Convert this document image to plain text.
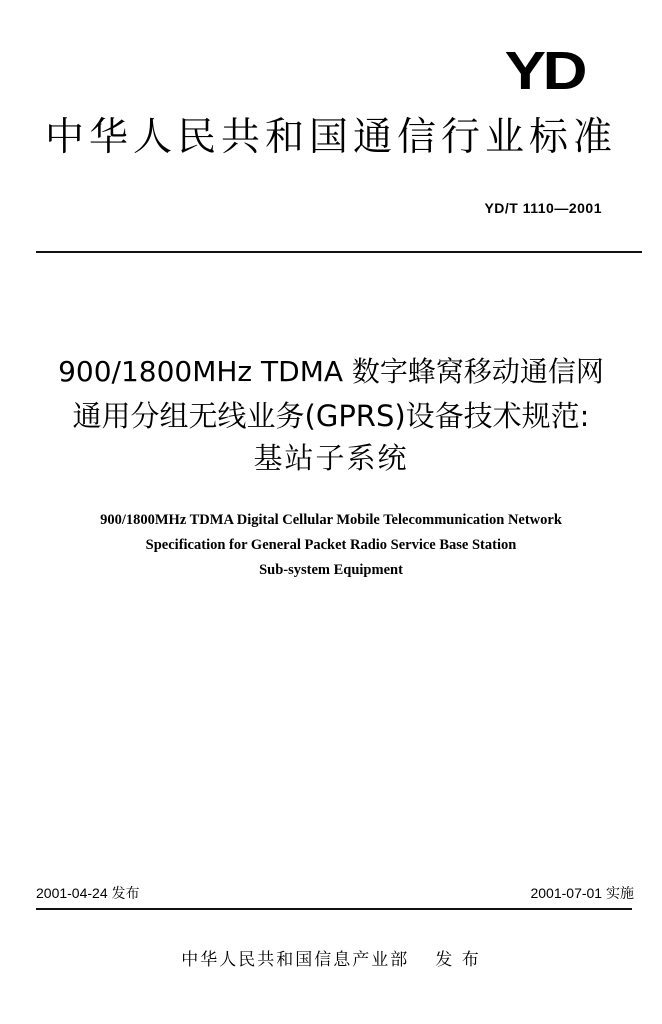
YD
中华人民共和国通信行业标准
YD/T 1110—2001
900/1800MHz TDMA 数字蜂窝移动通信网
通用分组无线业务(GPRS)设备技术规范:
基站子系统
900/1800MHz TDMA Digital Cellular Mobile Telecommunication Network
Specification for General Packet Radio Service Base Station
Sub-system Equipment
2001-04-24 发布	2001-07-01 实施
中华人民共和国信息产业部 发 布
